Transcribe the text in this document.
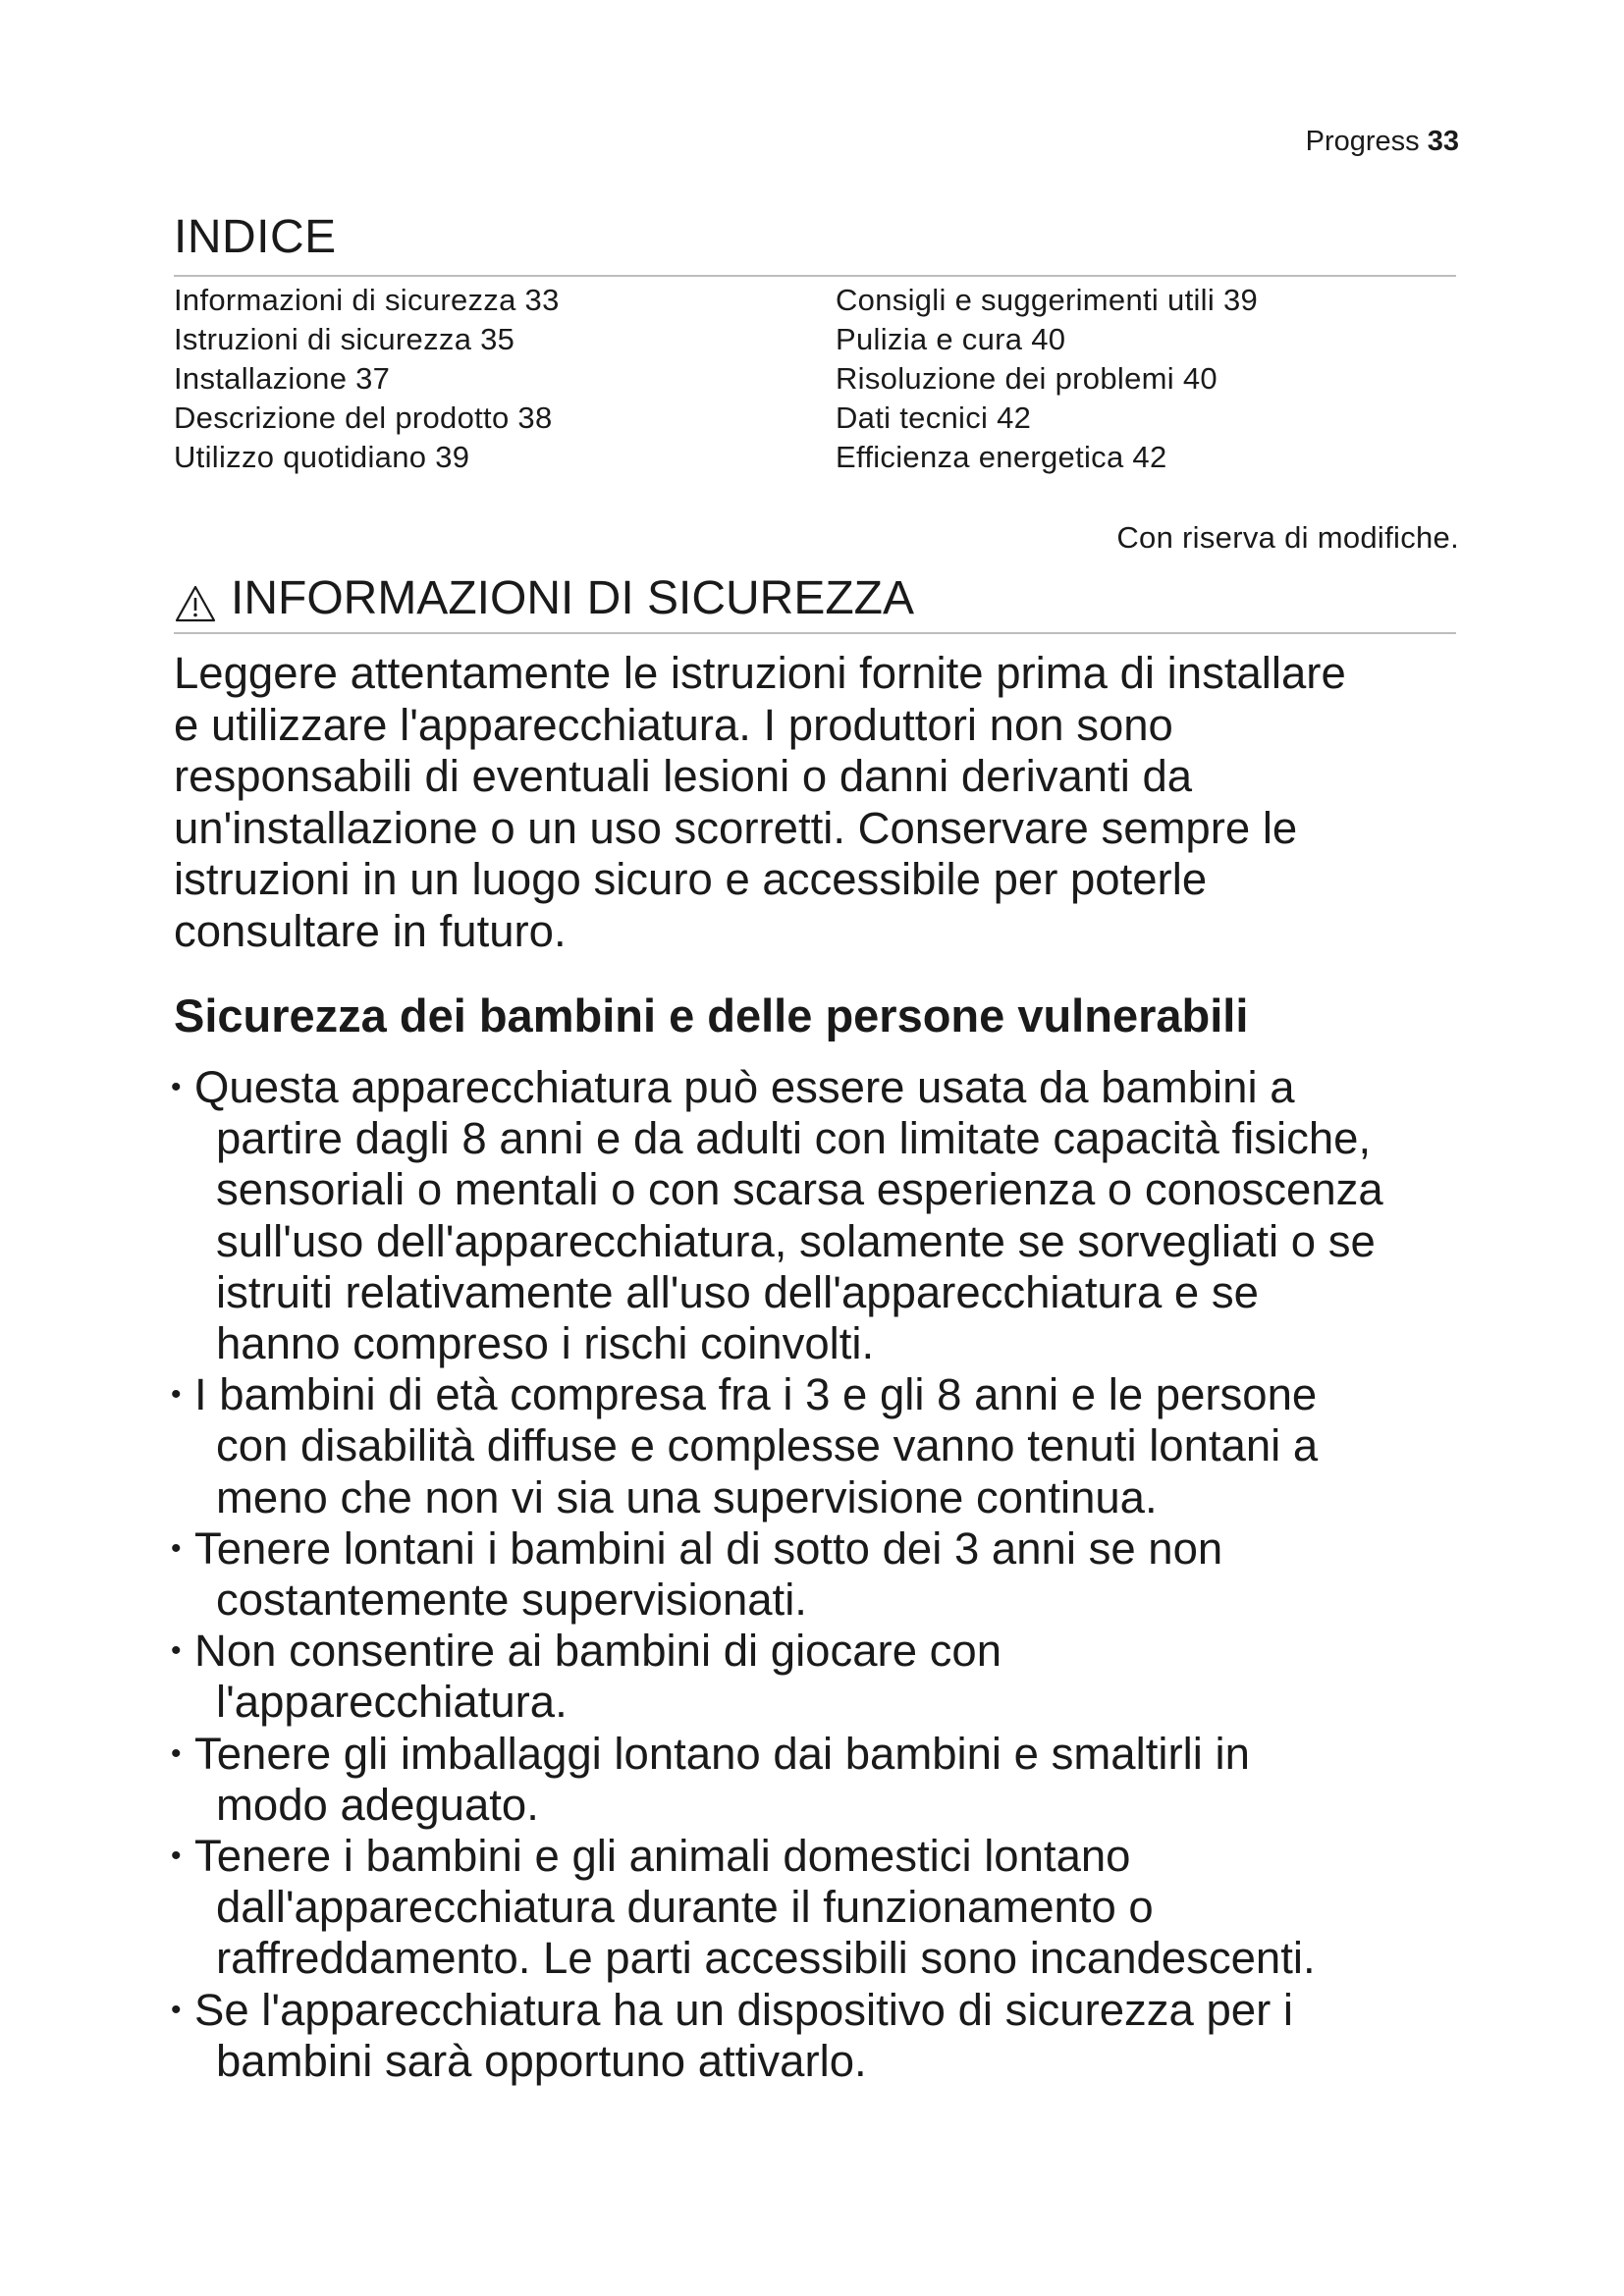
Progress 33
INDICE
Informazioni di sicurezza 33
Istruzioni di sicurezza 35
Installazione 37
Descrizione del prodotto 38
Utilizzo quotidiano 39
Consigli e suggerimenti utili 39
Pulizia e cura 40
Risoluzione dei problemi 40
Dati tecnici 42
Efficienza energetica 42
Con riserva di modifiche.
INFORMAZIONI DI SICUREZZA
Leggere attentamente le istruzioni fornite prima di installare
e utilizzare l'apparecchiatura. I produttori non sono
responsabili di eventuali lesioni o danni derivanti da
un'installazione o un uso scorretti. Conservare sempre le
istruzioni in un luogo sicuro e accessibile per poterle
consultare in futuro.
Sicurezza dei bambini e delle persone vulnerabili
• Questa apparecchiatura può essere usata da bambini a
partire dagli 8 anni e da adulti con limitate capacità fisiche,
sensoriali o mentali o con scarsa esperienza o conoscenza
sull'uso dell'apparecchiatura, solamente se sorvegliati o se
istruiti relativamente all'uso dell'apparecchiatura e se
hanno compreso i rischi coinvolti.
• I bambini di età compresa fra i 3 e gli 8 anni e le persone
con disabilità diffuse e complesse vanno tenuti lontani a
meno che non vi sia una supervisione continua.
• Tenere lontani i bambini al di sotto dei 3 anni se non
costantemente supervisionati.
• Non consentire ai bambini di giocare con
l'apparecchiatura.
• Tenere gli imballaggi lontano dai bambini e smaltirli in
modo adeguato.
• Tenere i bambini e gli animali domestici lontano
dall'apparecchiatura durante il funzionamento o
raffreddamento. Le parti accessibili sono incandescenti.
• Se l'apparecchiatura ha un dispositivo di sicurezza per i
bambini sarà opportuno attivarlo.
